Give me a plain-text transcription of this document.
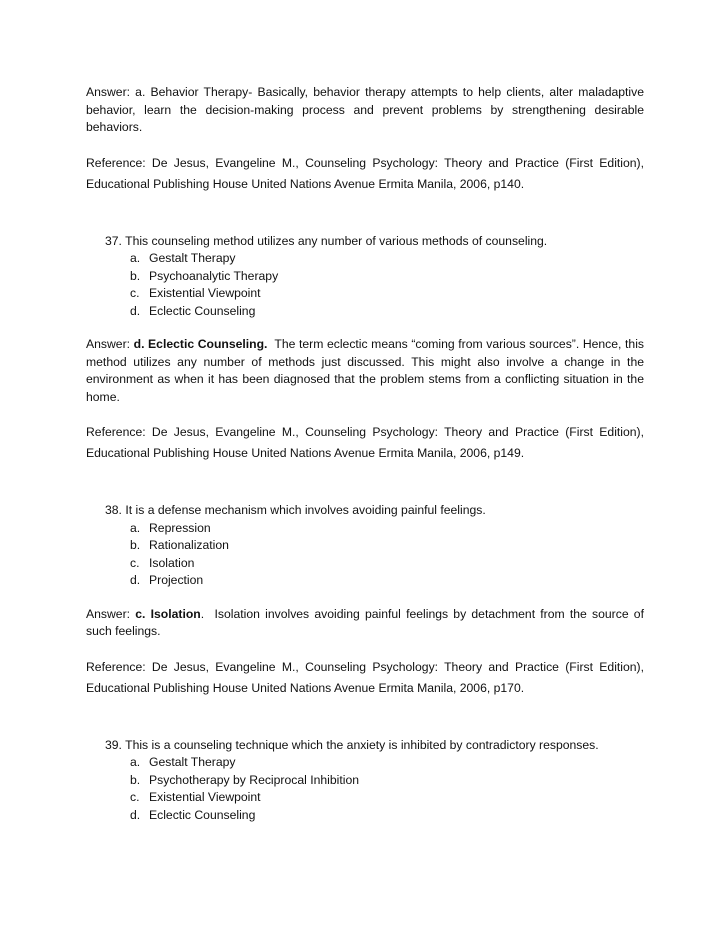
Answer: a. Behavior Therapy- Basically, behavior therapy attempts to help clients, alter maladaptive behavior, learn the decision-making process and prevent problems by strengthening desirable behaviors.

Reference: De Jesus, Evangeline M., Counseling Psychology: Theory and Practice (First Edition), Educational Publishing House United Nations Avenue Ermita Manila, 2006, p140.

37. This counseling method utilizes any number of various methods of counseling.

a. Gestalt Therapy
b. Psychoanalytic Therapy
c. Existential Viewpoint
d. Eclectic Counseling

Answer: d. Eclectic Counseling.  The term eclectic means “coming from various sources”. Hence, this method utilizes any number of methods just discussed. This might also involve a change in the environment as when it has been diagnosed that the problem stems from a conflicting situation in the home.

Reference: De Jesus, Evangeline M., Counseling Psychology: Theory and Practice (First Edition), Educational Publishing House United Nations Avenue Ermita Manila, 2006, p149.

38. It is a defense mechanism which involves avoiding painful feelings.

a. Repression
b. Rationalization
c. Isolation
d. Projection

Answer: c. Isolation.  Isolation involves avoiding painful feelings by detachment from the source of such feelings.

Reference: De Jesus, Evangeline M., Counseling Psychology: Theory and Practice (First Edition), Educational Publishing House United Nations Avenue Ermita Manila, 2006, p170.

39. This is a counseling technique which the anxiety is inhibited by contradictory responses.

a. Gestalt Therapy
b. Psychotherapy by Reciprocal Inhibition
c. Existential Viewpoint
d. Eclectic Counseling
